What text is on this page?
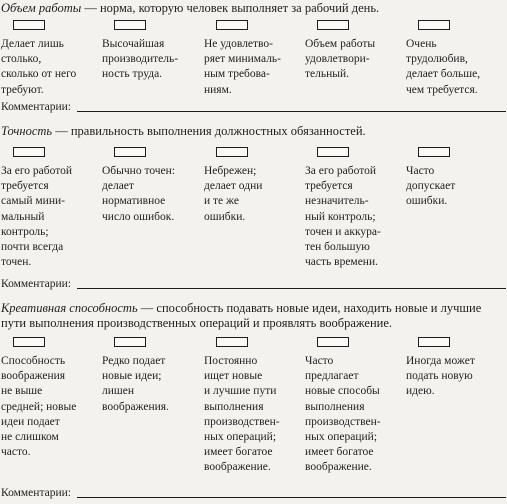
Объем работы — норма, которую человек выполняет за рабочий день.
Делает лишь
столько,
сколько от него
требуют.
Высочайшая
производитель-
ность труда.
Не удовлетво-
ряет минималь-
ным требова-
ниям.
Объем работы
удовлетвори-
тельный.
Очень
трудолюбив,
делает больше,
чем требуется.
Комментарии:
Точность — правильность выполнения должностных обязанностей.
За его работой
требуется
самый мини-
мальный
контроль;
почти всегда
точен.
Обычно точен:
делает
нормативное
число ошибок.
Небрежен;
делает одни
и те же
ошибки.
За его работой
требуется
незначитель-
ный контроль;
точен и аккура-
тен большую
часть времени.
Часто
допускает
ошибки.
Комментарии:
Креативная способность — способность подавать новые идеи, находить новые и лучшие пути выполнения производственных операций и проявлять воображение.
Способность
воображения
не выше
средней; новые
идеи подает
не слишком
часто.
Редко подает
новые идеи;
лишен
воображения.
Постоянно
ищет новые
и лучшие пути
выполнения
производствен-
ных операций;
имеет богатое
воображение.
Часто
предлагает
новые способы
выполнения
производствен-
ных операций;
имеет богатое
воображение.
Иногда может
подать новую
идею.
Комментарии:
